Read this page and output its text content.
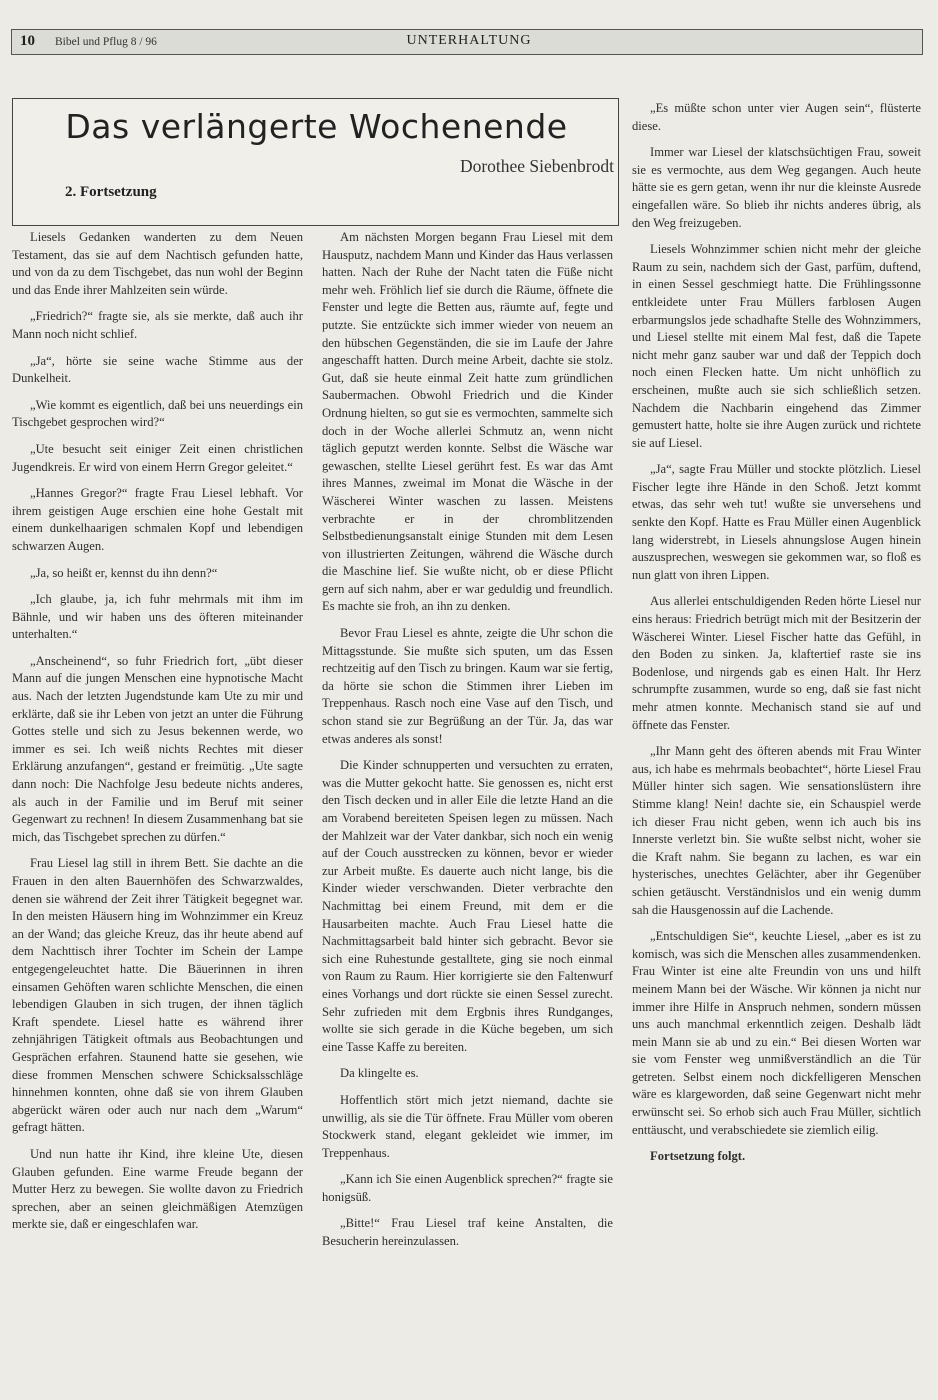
10 Bibel und Pflug 8 / 96	UNTERHALTUNG
Das verlängerte Wochenende
Dorothee Siebenbrodt
2. Fortsetzung

Liesels Gedanken wanderten zu dem Neuen Testament, das sie auf dem Nachtisch gefunden hatte, und von da zu dem Tischgebet, das nun wohl der Beginn und das Ende ihrer Mahlzeiten sein würde.

„Friedrich?“ fragte sie, als sie merkte, daß auch ihr Mann noch nicht schlief.

„Ja“, hörte sie seine wache Stimme aus der Dunkelheit.

„Wie kommt es eigentlich, daß bei uns neuerdings ein Tischgebet gesprochen wird?“

„Ute besucht seit einiger Zeit einen christlichen Jugendkreis. Er wird von einem Herrn Gregor geleitet.“

„Hannes Gregor?“ fragte Frau Liesel lebhaft. Vor ihrem geistigen Auge erschien eine hohe Gestalt mit einem dunkelhaarigen schmalen Kopf und lebendigen schwarzen Augen.

„Ja, so heißt er, kennst du ihn denn?“

„Ich glaube, ja, ich fuhr mehrmals mit ihm im Bähnle, und wir haben uns des öfteren miteinander unterhalten.“

„Anscheinend“, so fuhr Friedrich fort, „übt dieser Mann auf die jungen Menschen eine hypnotische Macht aus. Nach der letzten Jugendstunde kam Ute zu mir und erklärte, daß sie ihr Leben von jetzt an unter die Führung Gottes stelle und sich zu Jesus bekennen werde, wo immer es sei. Ich weiß nichts Rechtes mit dieser Erklärung anzufangen“, gestand er freimütig. „Ute sagte dann noch: Die Nachfolge Jesu bedeute nichts anderes, als auch in der Familie und im Beruf mit seiner Gegenwart zu rechnen! In diesem Zusammenhang bat sie mich, das Tischgebet sprechen zu dürfen.“

Frau Liesel lag still in ihrem Bett. Sie dachte an die Frauen in den alten Bauernhöfen des Schwarzwaldes, denen sie während der Zeit ihrer Tätigkeit begegnet war. In den meisten Häusern hing im Wohnzimmer ein Kreuz an der Wand; das gleiche Kreuz, das ihr heute abend auf dem Nachttisch ihrer Tochter im Schein der Lampe entgegengeleuchtet hatte. Die Bäuerinnen in ihren einsamen Gehöften waren schlichte Menschen, die einen lebendigen Glauben in sich trugen, der ihnen täglich Kraft spendete. Liesel hatte es während ihrer zehnjährigen Tätigkeit oftmals aus Beobachtungen und Gesprächen erfahren. Staunend hatte sie gesehen, wie diese frommen Menschen schwere Schicksalsschläge hinnehmen konnten, ohne daß sie von ihrem Glauben abgerückt wären oder auch nur nach dem „Warum“ gefragt hätten.

Und nun hatte ihr Kind, ihre kleine Ute, diesen Glauben gefunden. Eine warme Freude begann der Mutter Herz zu bewegen. Sie wollte davon zu Friedrich sprechen, aber an seinen gleichmäßigen Atemzügen merkte sie, daß er eingeschlafen war.

Am nächsten Morgen begann Frau Liesel mit dem Hausputz, nachdem Mann und Kinder das Haus verlassen hatten. Nach der Ruhe der Nacht taten die Füße nicht mehr weh. Fröhlich lief sie durch die Räume, öffnete die Fenster und legte die Betten aus, räumte auf, fegte und putzte. Sie entzückte sich immer wieder von neuem an den hübschen Gegenständen, die sie im Laufe der Jahre angeschafft hatten. Durch meine Arbeit, dachte sie stolz. Gut, daß sie heute einmal Zeit hatte zum gründlichen Saubermachen. Obwohl Friedrich und die Kinder Ordnung hielten, so gut sie es vermochten, sammelte sich doch in der Woche allerlei Schmutz an, wenn nicht täglich geputzt werden konnte. Selbst die Wäsche war gewaschen, stellte Liesel gerührt fest. Es war das Amt ihres Mannes, zweimal im Monat die Wäsche in der Wäscherei Winter waschen zu lassen. Meistens verbrachte er in der chromblitzenden Selbstbedienungsanstalt einige Stunden mit dem Lesen von illustrierten Zeitungen, während die Wäsche durch die Maschine lief. Sie wußte nicht, ob er diese Pflicht gern auf sich nahm, aber er war geduldig und freundlich. Es machte sie froh, an ihn zu denken.

Bevor Frau Liesel es ahnte, zeigte die Uhr schon die Mittagsstunde. Sie mußte sich sputen, um das Essen rechtzeitig auf den Tisch zu bringen. Kaum war sie fertig, da hörte sie schon die Stimmen ihrer Lieben im Treppenhaus. Rasch noch eine Vase auf den Tisch, und schon stand sie zur Begrüßung an der Tür. Ja, das war etwas anderes als sonst!

Die Kinder schnupperten und versuchten zu erraten, was die Mutter gekocht hatte. Sie genossen es, nicht erst den Tisch decken und in aller Eile die letzte Hand an die am Vorabend bereiteten Speisen legen zu müssen. Nach der Mahlzeit war der Vater dankbar, sich noch ein wenig auf der Couch ausstrecken zu können, bevor er wieder zur Arbeit mußte. Es dauerte auch nicht lange, bis die Kinder wieder verschwanden. Dieter verbrachte den Nachmittag bei einem Freund, mit dem er die Hausarbeiten machte. Auch Frau Liesel hatte die Nachmittagsarbeit bald hinter sich gebracht. Bevor sie sich eine Ruhestunde gestalltete, ging sie noch einmal von Raum zu Raum. Hier korrigierte sie den Faltenwurf eines Vorhangs und dort rückte sie einen Sessel zurecht. Sehr zufrieden mit dem Ergbnis ihres Rundganges, wollte sie sich gerade in die Küche begeben, um sich eine Tasse Kaffe zu bereiten.

Da klingelte es.

Hoffentlich stört mich jetzt niemand, dachte sie unwillig, als sie die Tür öffnete. Frau Müller vom oberen Stockwerk stand, elegant gekleidet wie immer, im Treppenhaus.

„Kann ich Sie einen Augenblick sprechen?“ fragte sie honigsüß.

„Bitte!“ Frau Liesel traf keine Anstalten, die Besucherin hereinzulassen.

„Es müßte schon unter vier Augen sein“, flüsterte diese.

Immer war Liesel der klatschsüchtigen Frau, soweit sie es vermochte, aus dem Weg gegangen. Auch heute hätte sie es gern getan, wenn ihr nur die kleinste Ausrede eingefallen wäre. So blieb ihr nichts anderes übrig, als den Weg freizugeben.

Liesels Wohnzimmer schien nicht mehr der gleiche Raum zu sein, nachdem sich der Gast, parfüm, duftend, in einen Sessel geschmiegt hatte. Die Frühlingssonne entkleidete unter Frau Müllers farblosen Augen erbarmungslos jede schadhafte Stelle des Wohnzimmers, und Liesel stellte mit einem Mal fest, daß die Tapete nicht mehr ganz sauber war und daß der Teppich doch noch einen Flecken hatte. Um nicht unhöflich zu erscheinen, mußte auch sie sich schließlich setzen. Nachdem die Nachbarin eingehend das Zimmer gemustert hatte, holte sie ihre Augen zurück und richtete sie auf Liesel.

„Ja“, sagte Frau Müller und stockte plötzlich. Liesel Fischer legte ihre Hände in den Schoß. Jetzt kommt etwas, das sehr weh tut! wußte sie unversehens und senkte den Kopf. Hatte es Frau Müller einen Augenblick lang widerstrebt, in Liesels ahnungslose Augen hinein auszusprechen, weswegen sie gekommen war, so floß es nun glatt von ihren Lippen.

Aus allerlei entschuldigenden Reden hörte Liesel nur eins heraus: Friedrich betrügt mich mit der Besitzerin der Wäscherei Winter. Liesel Fischer hatte das Gefühl, in den Boden zu sinken. Ja, klaftertief raste sie ins Bodenlose, und nirgends gab es einen Halt. Ihr Herz schrumpfte zusammen, wurde so eng, daß sie fast nicht mehr atmen konnte. Mechanisch stand sie auf und öffnete das Fenster.

„Ihr Mann geht des öfteren abends mit Frau Winter aus, ich habe es mehrmals beobachtet“, hörte Liesel Frau Müller hinter sich sagen. Wie sensationslüstern ihre Stimme klang! Nein! dachte sie, ein Schauspiel werde ich dieser Frau nicht geben, wenn ich auch bis ins Innerste verletzt bin. Sie wußte selbst nicht, woher sie die Kraft nahm. Sie begann zu lachen, es war ein hysterisches, unechtes Gelächter, aber ihr Gegenüber schien getäuscht. Verständnislos und ein wenig dumm sah die Hausgenossin auf die Lachende.

„Entschuldigen Sie“, keuchte Liesel, „aber es ist zu komisch, was sich die Menschen alles zusammendenken. Frau Winter ist eine alte Freundin von uns und hilft meinem Mann bei der Wäsche. Wir können ja nicht nur immer ihre Hilfe in Anspruch nehmen, sondern müssen uns auch manchmal erkenntlich zeigen. Deshalb lädt mein Mann sie ab und zu ein.“ Bei diesen Worten war sie vom Fenster weg unmißverständlich an die Tür getreten. Selbst einem noch dickfelligeren Menschen wäre es klargeworden, daß seine Gegenwart nicht mehr erwünscht sei. So erhob sich auch Frau Müller, sichtlich enttäuscht, und verabschiedete sie ziemlich eilig.

Fortsetzung folgt.
